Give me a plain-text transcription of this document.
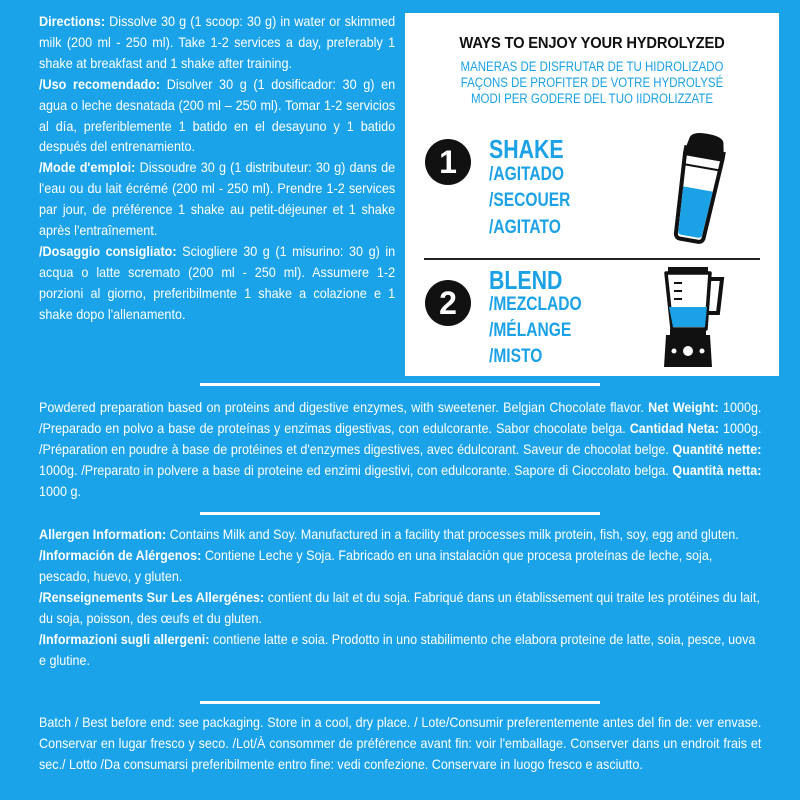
Directions: Dissolve 30 g (1 scoop: 30 g) in water or skimmed milk (200 ml - 250 ml). Take 1-2 services a day, preferably 1 shake at breakfast and 1 shake after training.

/Uso recomendado: Disolver 30 g (1 dosificador: 30 g) en agua o leche desnatada (200 ml – 250 ml). Tomar 1-2 servicios al día, preferiblemente 1 batido en el desayuno y 1 batido después del entrenamiento.

/Mode d'emploi: Dissoudre 30 g (1 distributeur: 30 g) dans de l'eau ou du lait écrémé (200 ml - 250 ml). Prendre 1-2 services par jour, de préférence 1 shake au petit-déjeuner et 1 shake après l'entraînement.

/Dosaggio consigliato: Sciogliere 30 g (1 misurino: 30 g) in acqua o latte scremato (200 ml - 250 ml). Assumere 1-2 porzioni al giorno, preferibilmente 1 shake a colazione e 1 shake dopo l'allenamento.

WAYS TO ENJOY YOUR HYDROLYZED
MANERAS DE DISFRUTAR DE TU HIDROLIZADO
FAÇONS DE PROFITER DE VOTRE HYDROLYSÉ
MODI PER GODERE DEL TUO IIDROLIZZATE
1	SHAKE
/AGITADO
/SECOUER
/AGITATO
2
BLEND
/MEZCLADO
/MÉLANGE
/MISTO

Powdered preparation based on proteins and digestive enzymes, with sweetener. Belgian Chocolate flavor. Net Weight: 1000g. /Preparado en polvo a base de proteínas y enzimas digestivas, con edulcorante. Sabor chocolate belga. Cantidad Neta: 1000g. /Préparation en poudre à base de protéines et d'enzymes digestives, avec édulcorant. Saveur de chocolat belge. Quantité nette: 1000g. /Preparato in polvere a base di proteine ed enzimi digestivi, con edulcorante. Sapore di Cioccolato belga. Quantità netta: 1000 g.

Allergen Information: Contains Milk and Soy. Manufactured in a facility that processes milk protein, fish, soy, egg and gluten.

/Información de Alérgenos: Contiene Leche y Soja. Fabricado en una instalación que procesa proteínas de leche, soja, pescado, huevo, y gluten.

/Renseignements Sur Les Allergénes: contient du lait et du soja. Fabriqué dans un établissement qui traite les protéines du lait, du soja, poisson, des œufs et du gluten.

/Informazioni sugli allergeni: contiene latte e soia. Prodotto in uno stabilimento che elabora proteine de latte, soia, pesce, uova e glutine.

Batch / Best before end: see packaging. Store in a cool, dry place. / Lote/Consumir preferentemente antes del fin de: ver envase. Conservar en lugar fresco y seco. /Lot/À consommer de préférence avant fin: voir l'emballage. Conserver dans un endroit frais et sec./ Lotto /Da consumarsi preferibilmente entro fine: vedi confezione. Conservare in luogo fresco e asciutto.
